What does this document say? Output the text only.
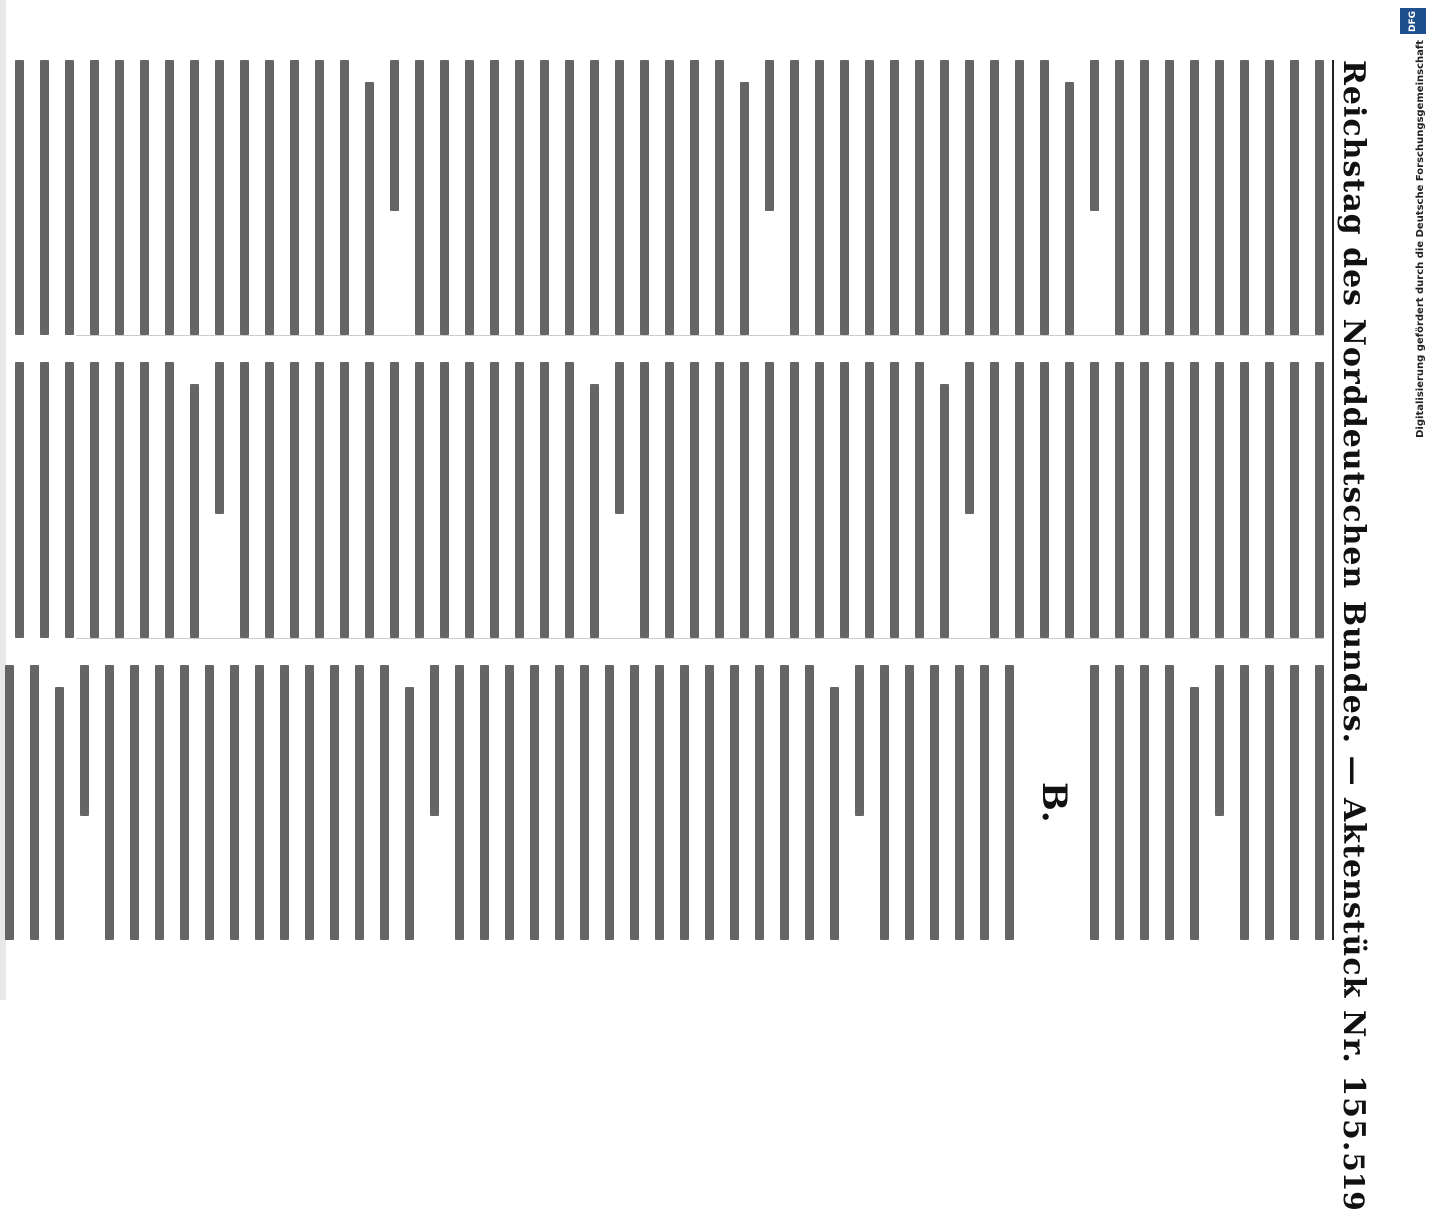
Reichstag des Norddeutschen Bundes. — Aktenstück Nr. 155.
519
B.
DFG
Digitalisierung gefördert durch die Deutsche Forschungsgemeinschaft
